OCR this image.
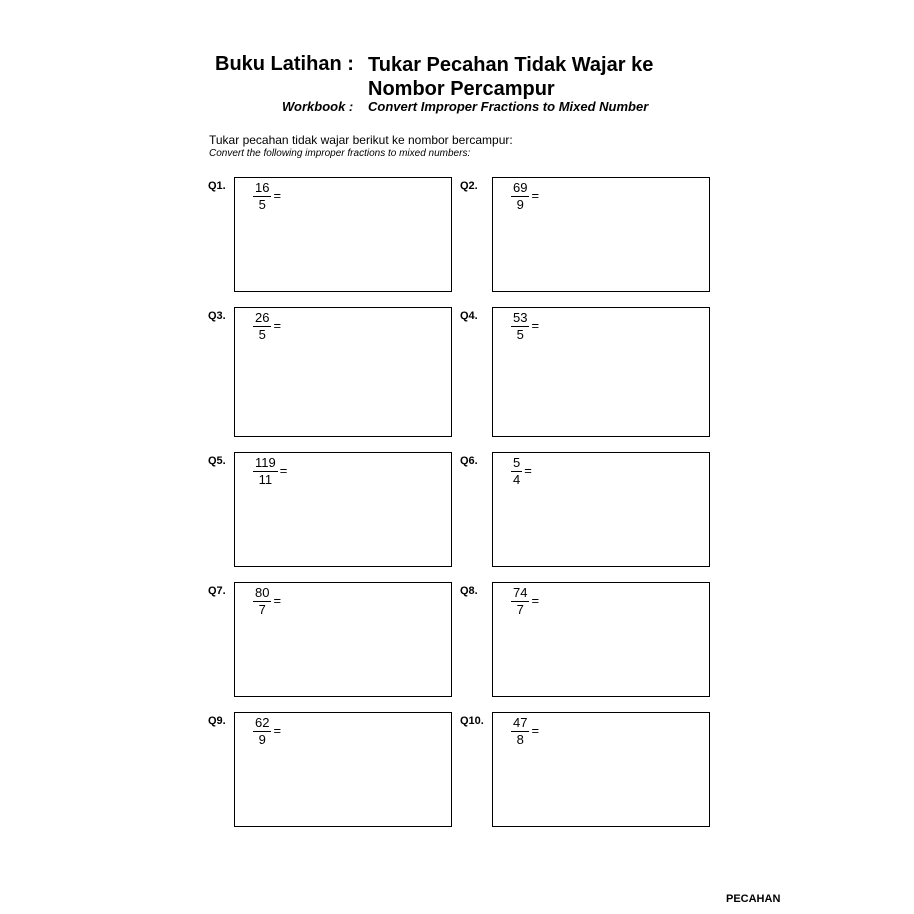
Buku Latihan : Tukar Pecahan Tidak Wajar ke Nombor Percampur
Workbook : Convert Improper Fractions to Mixed Number
Tukar pecahan tidak wajar berikut ke nombor bercampur:
Convert the following improper fractions to mixed numbers:
Q1. $\frac{16}{5}$ =
Q2.	$\frac{69}{9}$ =
Q3. $\frac{26}{5}$ =
Q4.	$\frac{53}{5}$ =
Q5. $\frac{119}{11}$ =
Q6.	$\frac{5}{4}$ =
Q7. $\frac{80}{7}$ =
Q8.	$\frac{74}{7}$ =
Q9. $\frac{62}{9}$ =
Q10. $\frac{47}{8}$ =
PECAHAN
